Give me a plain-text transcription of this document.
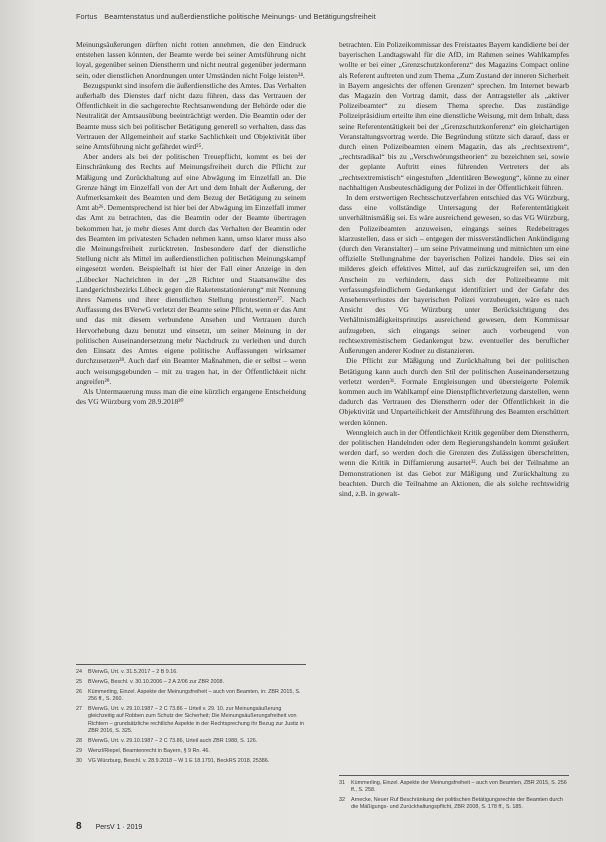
Fortus Beamtenstatus und außerdienstliche politische Meinungs- und Betätigungsfreiheit

Meinungsäußerungen dürften nicht rotten annehmen, die den Eindruck entstehen lassen könnten, der Beamte werde bei seiner Amtsführung nicht loyal, gegenüber seinen Dienstherrn und nicht neutral gegenüber jedermann sein, oder dienstlichen Anordnungen unter Umständen nicht Folge leisten²⁴.

Bezugspunkt sind insofern die äußerdienstliche des Amtes. Das Verhalten außerhalb des Dienstes darf nicht dazu führen, dass das Vertrauen der Öffentlichkeit in die sachgerechte Rechtsanwendung der Behörde oder die Neutralität der Amtsausübung beeinträchtigt werden. Die Beamtin oder der Beamte muss sich bei politischer Betätigung generell so verhalten, dass das Vertrauen der Allgemeinheit auf starke Sachlichkeit und Objektivität über seine Amtsführung nicht gefährdet wird²⁵.

Aber anders als bei der politischen Treuepflicht, kommt es bei der Einschränkung des Rechts auf Meinungsfreiheit durch die Pflicht zur Mäßigung und Zurückhaltung auf eine Abwägung im Einzelfall an. Die Grenze hängt im Einzelfall von der Art und dem Inhalt der Äußerung, der Aufmerksamkeit des Beamten und dem Bezug der Betätigung zu seinem Amt ab²⁶. Dementsprechend ist hier bei der Abwägung im Einzelfall immer das Amt zu betrachten, das die Beamtin oder der Beamte übertragen bekommen hat, je mehr dieses Amt durch das Verhalten der Beamtin oder des Beamten im privatesten Schaden nehmen kann, umso klarer muss also die Meinungsfreiheit zurücktreten. Insbesondere darf der dienstliche Stellung nicht als Mittel im außerdienstlichen politischen Meinungskampf eingesetzt werden. Beispielhaft ist hier der Fall einer Anzeige in den „Lübecker Nachrichten in der „28 Richter und Staatsanwälte des Landgerichtsbezirks Lübeck gegen die Raketenstationierung“ mit Nennung ihres Namens und ihrer dienstlichen Stellung protestierten²⁷. Nach Auffassung des BVerwG verletzt der Beamte seine Pflicht, wenn er das Amt und das mit diesem verbundene Ansehen und Vertrauen durch Hervorhebung dazu benutzt und einsetzt, um seiner Meinung in der politischen Auseinandersetzung mehr Nachdruck zu verleihen und durch den Einsatz des Amtes eigene politische Auffassungen wirksamer durchzusetzen²⁸. Auch darf ein Beamter Maßnahmen, die er selbst – wenn auch weisungsgebunden – mit zu tragen hat, in der Öffentlichkeit nicht angreifen²⁹.

Als Untermauerung muss man die eine kürzlich ergangene Entscheidung des VG Würzburg vom 28.9.2018³⁰

betrachten. Ein Polizeikommissar des Freistaates Bayern kandidierte bei der bayerischen Landtagswahl für die AfD, im Rahmen seines Wahlkampfes wollte er bei einer „Grenzschutzkonferenz“ des Magazins Compact online als Referent auftreten und zum Thema „Zum Zustand der inneren Sicherheit in Bayern angesichts der offenen Grenzen“ sprechen. Im Internet bewarb das Magazin den Vortrag damit, dass der Antragsteller als „aktiver Polizeibeamter“ zu diesem Thema spreche. Das zuständige Polizeipräsidium erteilte ihm eine dienstliche Weisung, mit dem Inhalt, dass seine Referententätigkeit bei der „Grenzschutzkonferenz“ ein gleichartigen Veranstaltungsvortrag werde. Die Begründung stützte sich darauf, dass er durch einen Polizeibeamten einem Magazin, das als „rechtsextrem“, „rechtsradikal“ bis zu „Verschwörungstheorien“ zu bezeichnen sei, sowie der geplante Auftritt eines führenden Vertreters der als „rechtsextremistisch“ eingestuften „Identitären Bewegung“, könne zu einer nachhaltigen Ausbeuteschädigung der Polizei in der Öffentlichkeit führen.

In dem erstwertigen Rechtsschutzverfahren entschied das VG Würzburg, dass eine vollständige Untersagung der Referententätigkeit unverhältnismäßig sei. Es wäre ausreichend gewesen, so das VG Würzburg, den Polizeibeamten anzuweisen, eingangs seines Redebeitrages klarzustellen, dass er sich – entgegen der missverständlichen Ankündigung (durch den Veranstalter) – um seine Privatmeinung und mitnichten um eine offizielle Stellungnahme der bayerischen Polizei handele. Dies sei ein milderes gleich effektives Mittel, auf das zurückzugreifen sei, um den Anschein zu verhindern, dass sich der Polizeibeamte mit verfassungsfeindlichem Gedankengut identifiziert und der Gefahr des Ansehensverlustes der bayerischen Polizei vorzubeugen, wäre es nach Ansicht des VG Würzburg unter Berücksichtigung des Verhältnismäßigkeitsprinzips ausreichend gewesen, dem Kommissar aufzugeben, sich eingangs seiner auch vorbeugend von rechtsextremistischem Gedankengut bzw. eventueller des beruflicher Äußerungen anderer Kodner zu distanzieren.

Die Pflicht zur Mäßigung und Zurückhaltung bei der politischen Betätigung kann auch durch den Stil der politischen Auseinandersetzung verletzt werden³¹. Formale Entgleisungen und übersteigerte Polemik kommen auch im Wahlkampf eine Dienstpflichtverletzung darstellen, wenn dadurch das Vertrauen des Dienstherrn oder der Öffentlichkeit in die Objektivität und Unparteilichkeit der Amtsführung des Beamten erschüttert werden können.

Wenngleich auch in der Öffentlichkeit Kritik gegenüber dem Dienstherrn, der politischen Handelnden oder dem Regierungshandeln kommt geäußert werden darf, so werden doch die Grenzen des Zulässigen überschritten, wenn die Kritik in Diffamierung ausartet³². Auch bei der Teilnahme an Demonstrationen ist das Gebot zur Mäßigung und Zurückhaltung zu beachten. Durch die Teilnahme an Aktionen, die als solche rechtswidrig sind, z.B. in gewalt-

24 BVerwG, Urt. v. 31.5.2017 – 2 B 9.16.
25 BVerwG, Beschl. v. 30.10.2006 – 2 A 2/06 zur ZBR 2008.
26 Kümmerling, Einzel. Aspekte der Meinungsfreiheit – auch von Beamten, in: ZBR 2015, S. 256 ff., S. 260.
27 BVerwG, Urt. v. 29.10.1987 – 2 C 73.86 – Urteil v. 29. 10. zur Meinungsäußerung gleichzeitig auf Robben zum Schutz der Sicherheit; Die Meinungsäußerungsfreiheit von Richtern – grundsätzliche rechtliche Aspekte in der Rechtsprechung ihr Bezug zur Justiz in ZBR 2016, S. 325.
28 BVerwG, Urt. v. 29.10.1987 – 2 C 73.86, Urteil auch ZBR 1988, S. 126.
29 Wenzl/Riepel, Beamtenrecht in Bayern, § 9 Rn. 46.
30 VG Würzburg, Beschl. v. 28.9.2018 – W 1 E 18.1791, BeckRS 2018, 25386.
31 Kümmerling, Einzel. Aspekte der Meinungsfreiheit – auch von Beamten, ZBR 2015, S. 256 ff., S. 258.
32 Arnecke, Neuer Ruf Beschränkung der politischen Betätigungsrechte der Beamten durch die Mäßigungs- und Zurückhaltungspflicht, ZBR 2008, S. 178 ff., S. 185.
8 PersV 1 · 2019
